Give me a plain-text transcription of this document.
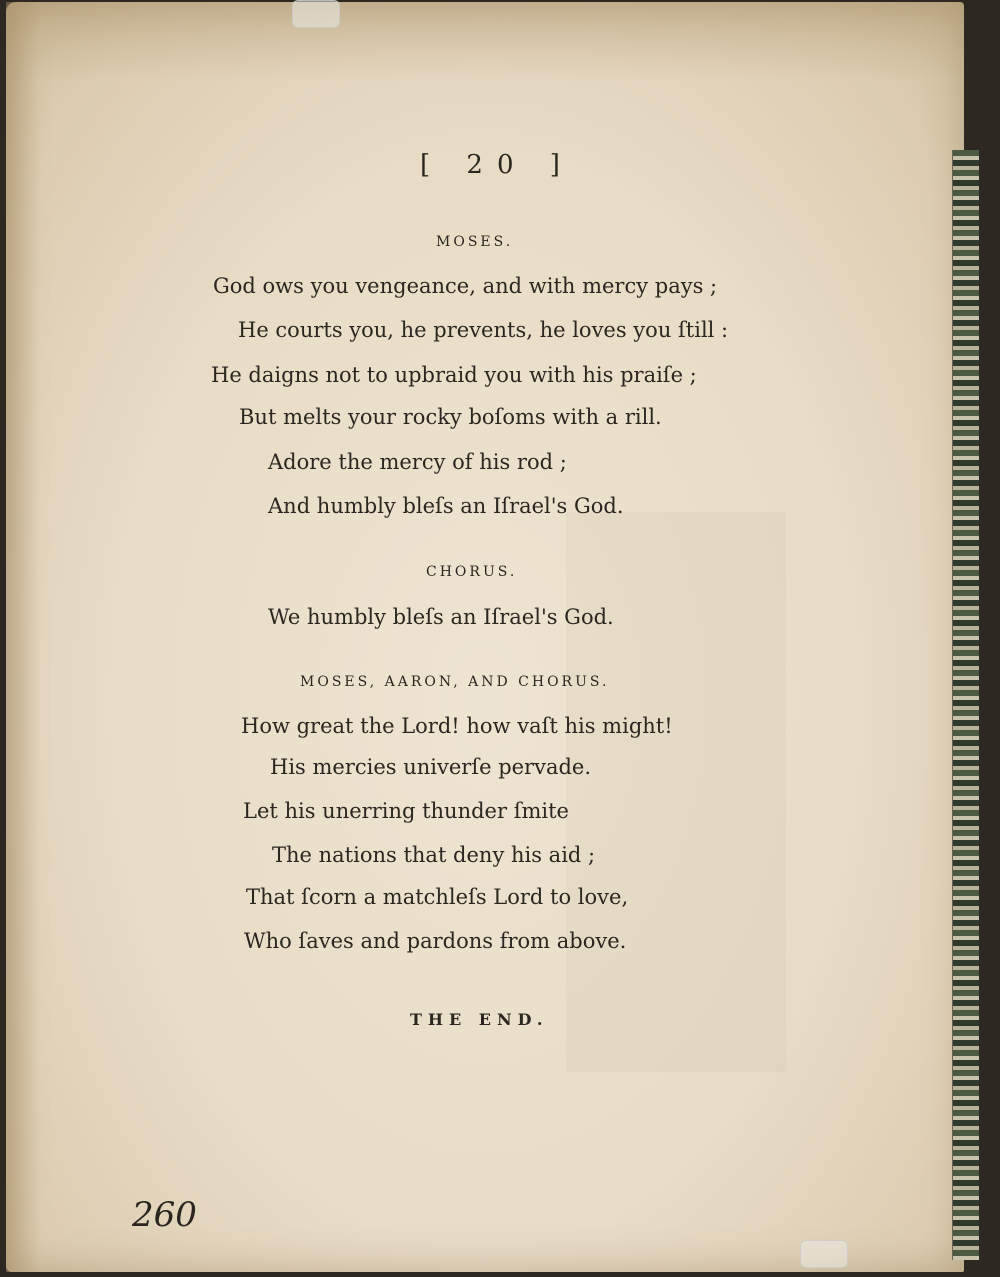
[ 20 ]
MOSES.
God ows you vengeance, and with mercy pays ;
He courts you, he prevents, he loves you ſtill :
He daigns not to upbraid you with his praiſe ;
But melts your rocky boſoms with a rill.
Adore the mercy of his rod ;
And humbly bleſs an Iſrael's God.
CHORUS.
We humbly bleſs an Iſrael's God.
MOSES, AARON, AND CHORUS.
How great the Lord! how vaſt his might!
His mercies univerſe pervade.
Let his unerring thunder ſmite
The nations that deny his aid ;
That ſcorn a matchleſs Lord to love,
Who ſaves and pardons from above.
THE END.
260
